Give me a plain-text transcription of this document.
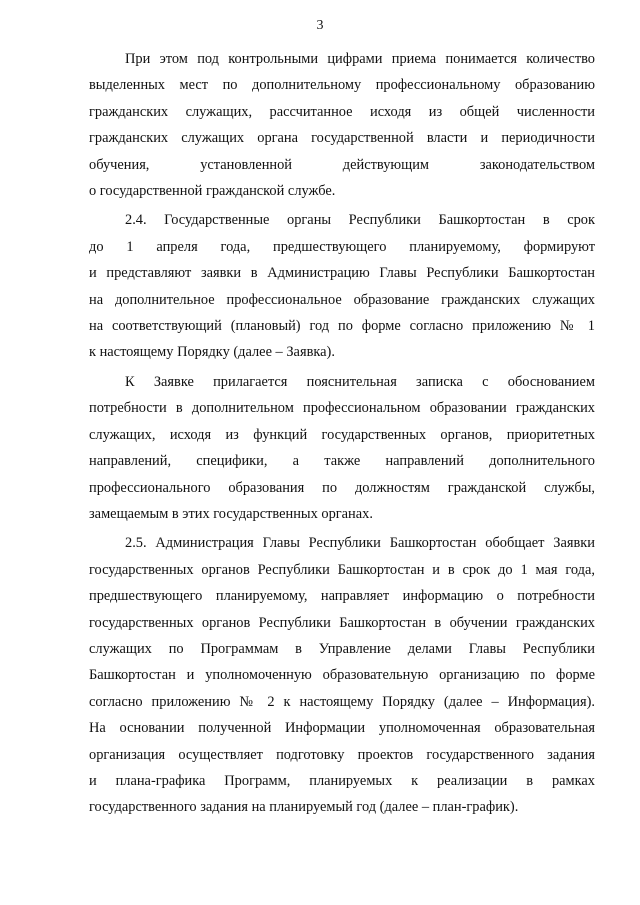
3

При этом под контрольными цифрами приема понимается количество
выделенных мест по дополнительному профессиональному образованию
гражданских служащих, рассчитанное исходя из общей численности
гражданских служащих органа государственной власти и периодичности
обучения, установленной действующим законодательством
о государственной гражданской службе.

2.4. Государственные органы Республики Башкортостан в срок
до 1 апреля года, предшествующего планируемому, формируют
и представляют заявки в Администрацию Главы Республики Башкортостан
на дополнительное профессиональное образование гражданских служащих
на соответствующий (плановый) год по форме согласно приложению № 1
к настоящему Порядку (далее – Заявка).

К Заявке прилагается пояснительная записка с обоснованием
потребности в дополнительном профессиональном образовании гражданских
служащих, исходя из функций государственных органов, приоритетных
направлений, специфики, а также направлений дополнительного
профессионального образования по должностям гражданской службы,
замещаемым в этих государственных органах.

2.5. Администрация Главы Республики Башкортостан обобщает Заявки
государственных органов Республики Башкортостан и в срок до 1 мая года,
предшествующего планируемому, направляет информацию о потребности
государственных органов Республики Башкортостан в обучении гражданских
служащих по Программам в Управление делами Главы Республики
Башкортостан и уполномоченную образовательную организацию по форме
согласно приложению № 2 к настоящему Порядку (далее – Информация).
На основании полученной Информации уполномоченная образовательная
организация осуществляет подготовку проектов государственного задания
и плана-графика Программ, планируемых к реализации в рамках
государственного задания на планируемый год (далее – план-график).
